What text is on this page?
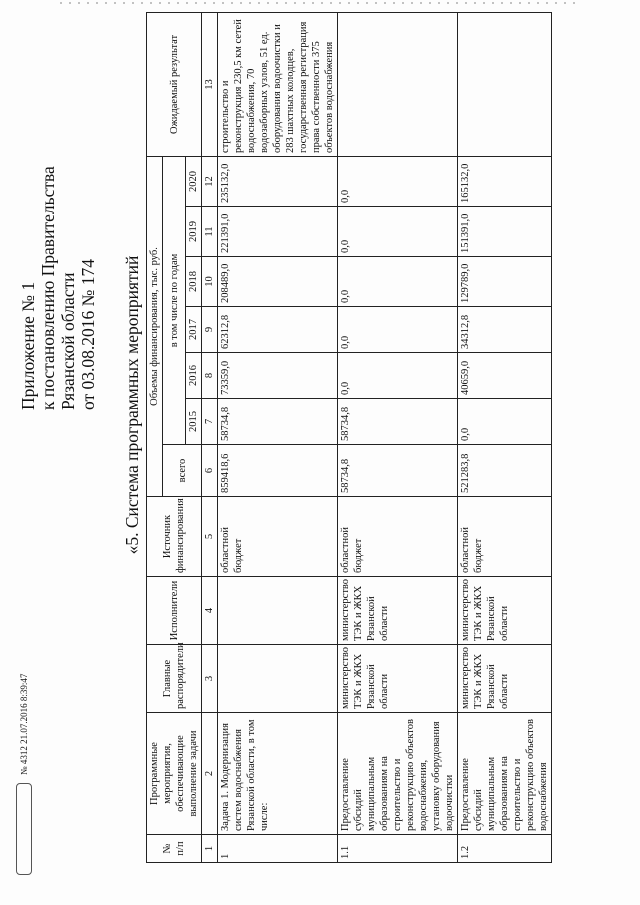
Приложение № 1 к постановлению Правительства Рязанской области от 03.08.2016 № 174 «5. Система программных мероприятий
№ п/п	Программные мероприятия, обеспечивающие выполнение задачи	Главные распорядители	Исполнители	Источник финансирования	Объемы финансирования, тыс. руб.							Ожидаемый результат
					всего	в том числе по годам						
						2015	2016	2017	2018	2019	2020	
1	2	3	4	5	6	7	8	9	10	11	12	13
1	Задача 1. Модернизация систем водоснабжения Рязанской области, в том числе:			областной бюджет	859418,6	58734,8	73359,0	62312,8	208489,0	221391,0	235132,0	строительство и реконструкция 230,5 км сетей водоснабжения, 70 водозаборных узлов, 51 ед. оборудования водоочистки и 283 шахтных колодцев, государственная регистрация права собственности 375 объектов водоснабжения
1.1	Предоставление субсидий муниципальным образованиям на строительство и реконструкцию объектов водоснабжения, установку оборудования водоочистки	министерство ТЭК и ЖКХ Рязанской области	министерство ТЭК и ЖКХ Рязанской области	областной бюджет	58734,8	58734,8	0,0	0,0	0,0	0,0	0,0	
1.2	Предоставление субсидий муниципальным образованиям на строительство и реконструкцию объектов водоснабжения	министерство ТЭК и ЖКХ Рязанской области	министерство ТЭК и ЖКХ Рязанской области	областной бюджет	521283,8	0,0	40659,0	34312,8	129789,0	151391,0	165132,0	
№ 4312 21.07.2016 8:39:47
